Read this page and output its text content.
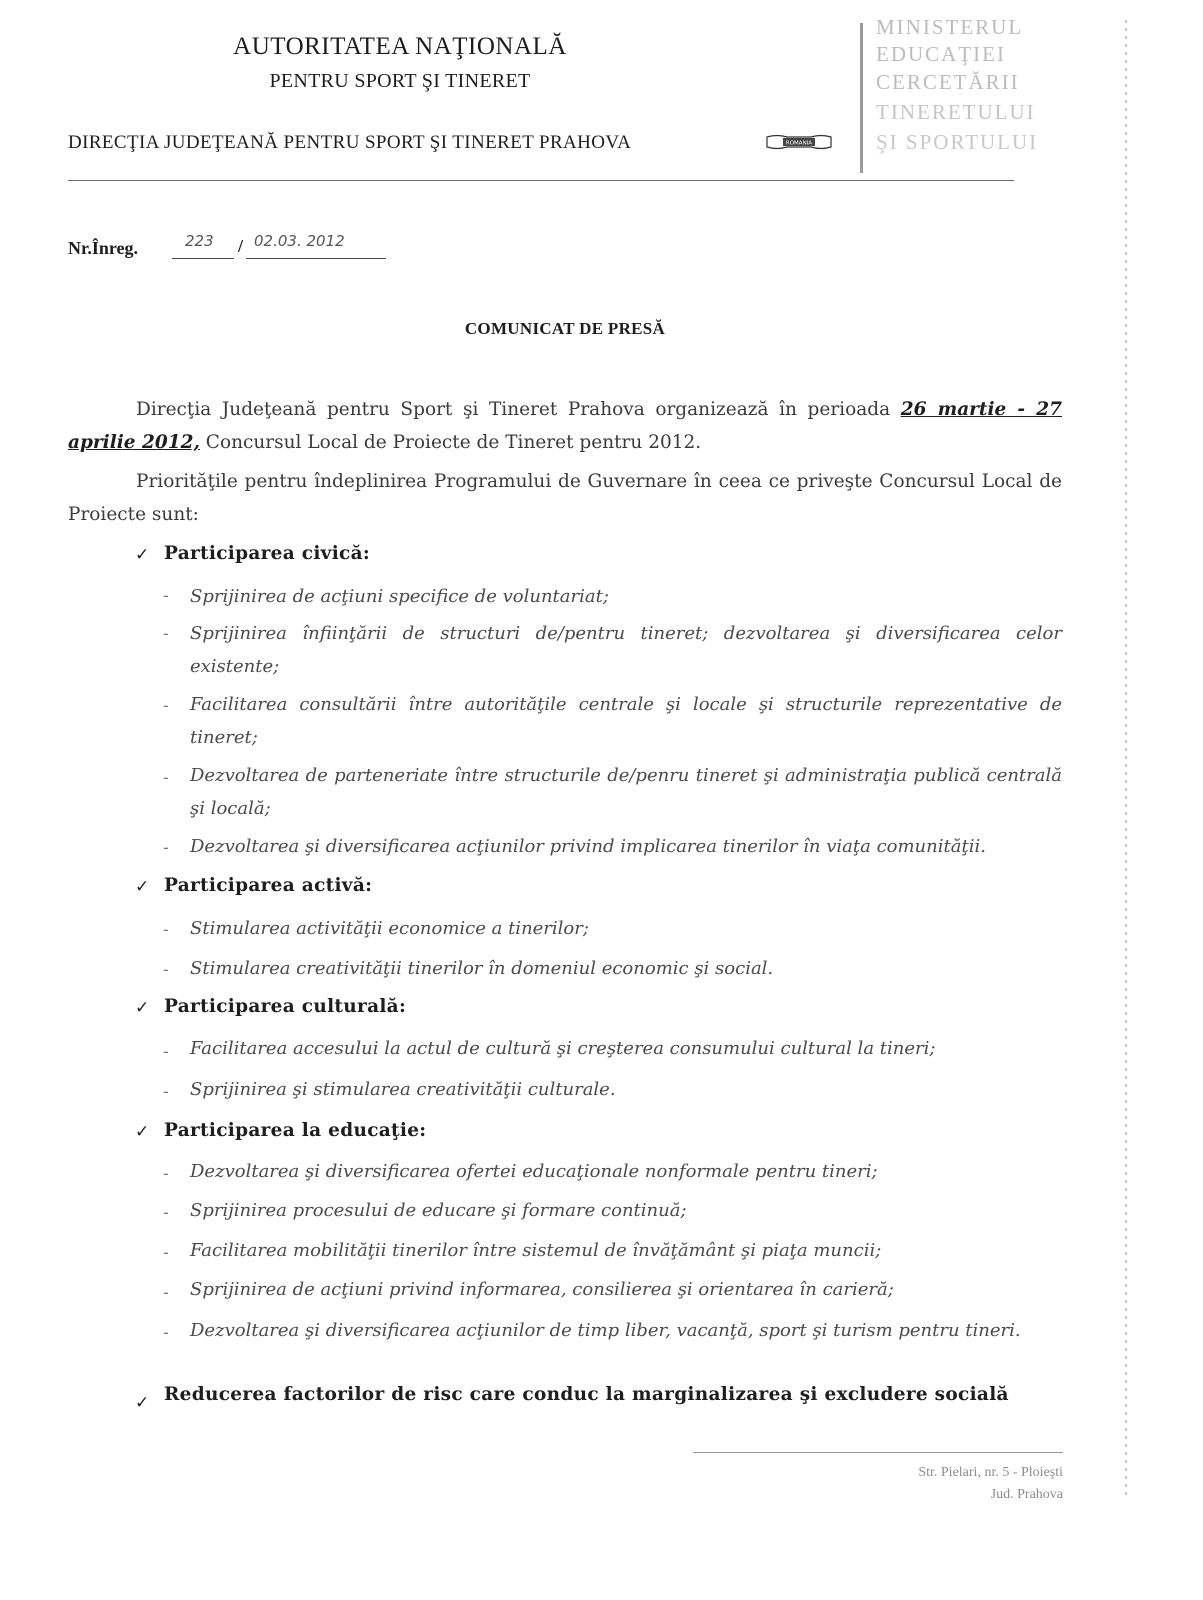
AUTORITATEA NAŢIONALĂ
PENTRU SPORT ŞI TINERET
DIRECŢIA JUDEŢEANĂ PENTRU SPORT ŞI TINERET PRAHOVA	ROMANIA
MINISTERUL
EDUCAŢIEI
CERCETĂRII
TINERETULUI
ŞI SPORTULUI
Nr.Înreg.	223 / 02.03. 2012
COMUNICAT DE PRESĂ
Direcţia Judeţeană pentru Sport şi Tineret Prahova organizează în perioada 26 martie - 27 aprilie 2012, Concursul Local de Proiecte de Tineret pentru 2012.
Priorităţile pentru îndeplinirea Programului de Guvernare în ceea ce priveşte Concursul Local de Proiecte sunt:
✓ Participarea civică:
- Sprijinirea de acţiuni specifice de voluntariat;
- Sprijinirea înfiinţării de structuri de/pentru tineret; dezvoltarea şi diversificarea celor existente;
- Facilitarea consultării între autorităţile centrale şi locale şi structurile reprezentative de tineret;
- Dezvoltarea de parteneriate între structurile de/penru tineret şi administraţia publică centrală şi locală;
- Dezvoltarea şi diversificarea acţiunilor privind implicarea tinerilor în viaţa comunităţii.
✓ Participarea activă:
- Stimularea activităţii economice a tinerilor;
- Stimularea creativităţii tinerilor în domeniul economic şi social.
✓ Participarea culturală:
- Facilitarea accesului la actul de cultură şi creşterea consumului cultural la tineri;
- Sprijinirea şi stimularea creativităţii culturale.
✓ Participarea la educaţie:
- Dezvoltarea şi diversificarea ofertei educaţionale nonformale pentru tineri;
- Sprijinirea procesului de educare şi formare continuă;
- Facilitarea mobilităţii tinerilor între sistemul de învăţământ şi piaţa muncii;
- Sprijinirea de acţiuni privind informarea, consilierea şi orientarea în carieră;
- Dezvoltarea şi diversificarea acţiunilor de timp liber, vacanţă, sport şi turism pentru tineri.
✓ Reducerea factorilor de risc care conduc la marginalizarea şi excludere socială
Str. Pielari, nr. 5 - Ploieşti
Jud. Prahova
